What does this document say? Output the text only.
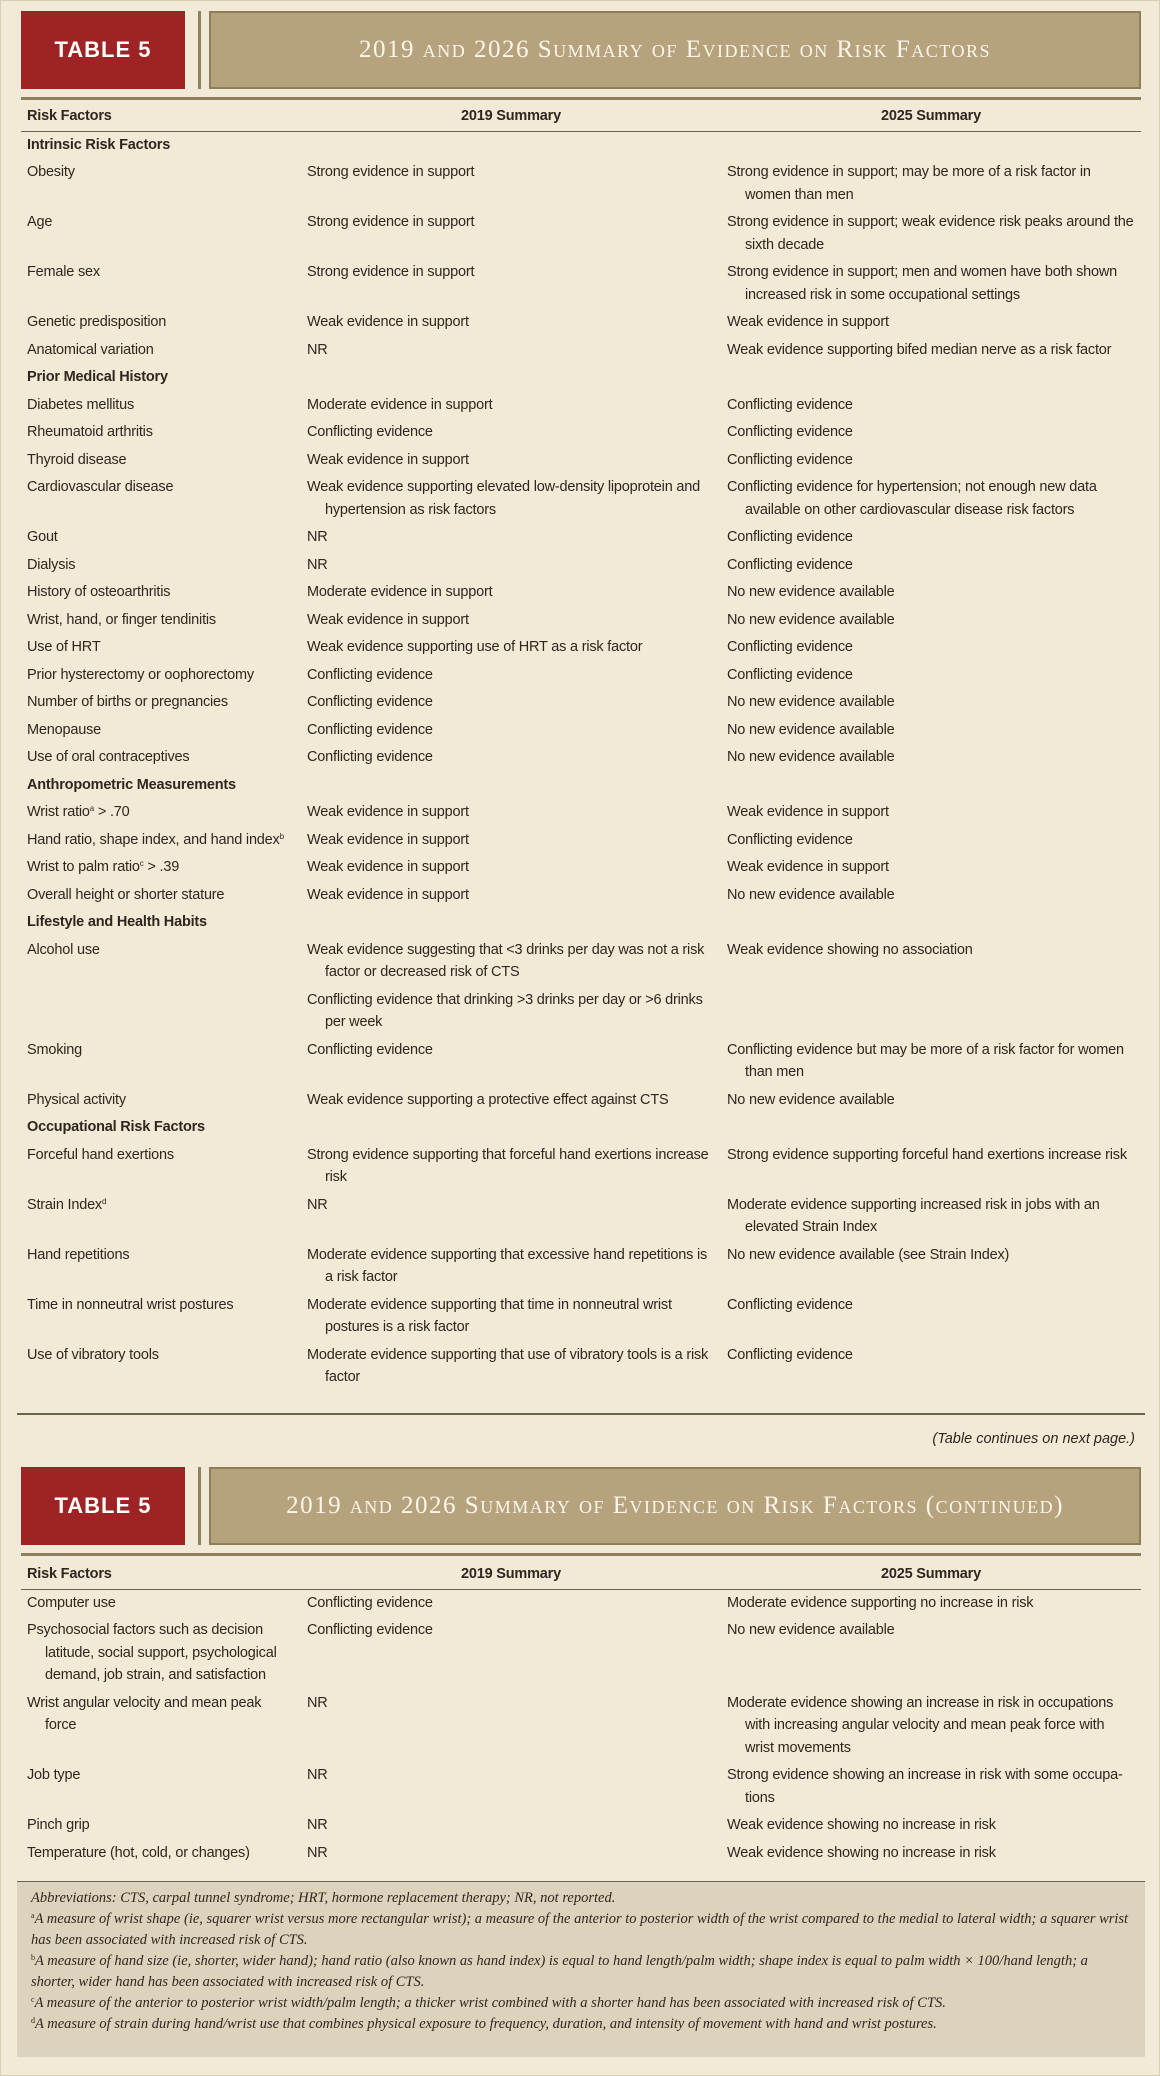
TABLE 5	2019 and 2026 Summary of Evidence on Risk Factors
Risk Factors	2019 Summary	2025 Summary
Intrinsic Risk Factors		

Obesity	Strong evidence in support	Strong evidence in support; may be more of a risk factor in women than men

Age	Strong evidence in support	Strong evidence in support; weak evidence risk peaks around the sixth decade

Female sex	Strong evidence in support	Strong evidence in support; men and women have both shown increased risk in some occupational settings

Genetic predisposition	Weak evidence in support	Weak evidence in support

Anatomical variation	NR	Weak evidence supporting bifed median nerve as a risk factor

Prior Medical History		

Diabetes mellitus	Moderate evidence in support	Conflicting evidence

Rheumatoid arthritis	Conflicting evidence	Conflicting evidence

Thyroid disease	Weak evidence in support	Conflicting evidence

Cardiovascular disease	Weak evidence supporting elevated low-density lipoprotein and hypertension as risk factors	Conflicting evidence for hypertension; not enough new data available on other cardiovascular disease risk factors

Gout	NR	Conflicting evidence

Dialysis	NR	Conflicting evidence

History of osteoarthritis	Moderate evidence in support	No new evidence available

Wrist, hand, or finger tendinitis	Weak evidence in support	No new evidence available

Use of HRT	Weak evidence supporting use of HRT as a risk factor	Conflicting evidence

Prior hysterectomy or oophorectomy	Conflicting evidence	Conflicting evidence

Number of births or pregnancies	Conflicting evidence	No new evidence available

Menopause	Conflicting evidence	No new evidence available

Use of oral contraceptives	Conflicting evidence	No new evidence available

Anthropometric Measurements		

Wrist ratio$^a$ > .70	Weak evidence in support	Weak evidence in support

Hand ratio, shape index, and hand index$^b$	Weak evidence in support	Conflicting evidence

Wrist to palm ratio$^c$ > .39	Weak evidence in support	Weak evidence in support

Overall height or shorter stature	Weak evidence in support	No new evidence available

Lifestyle and Health Habits		

Alcohol use	Weak evidence suggesting that <3 drinks per day was not a risk factor or decreased risk of CTS	Weak evidence showing no association

	Conflicting evidence that drinking >3 drinks per day or >6 drinks per week	

Smoking	Conflicting evidence	Conflicting evidence but may be more of a risk factor for women than men

Physical activity	Weak evidence supporting a protective effect against CTS	No new evidence available

Occupational Risk Factors		

Forceful hand exertions	Strong evidence supporting that forceful hand exertions increase risk	Strong evidence supporting forceful hand exertions increase risk

Strain Index$^d$	NR	Moderate evidence supporting increased risk in jobs with an elevated Strain Index

Hand repetitions	Moderate evidence supporting that excessive hand repetitions is a risk factor	No new evidence available (see Strain Index)

Time in nonneutral wrist postures	Moderate evidence supporting that time in nonneutral wrist postures is a risk factor	Conflicting evidence

Use of vibratory tools	Moderate evidence supporting that use of vibratory tools is a risk factor	Conflicting evidence
(Table continues on next page.)
TABLE 5	2019 and 2026 Summary of Evidence on Risk Factors (continued)
Risk Factors	2019 Summary	2025 Summary

Computer use	Conflicting evidence	Moderate evidence supporting no increase in risk

Psychosocial factors such as decision latitude, social support, psychological demand, job strain, and satisfaction	Conflicting evidence	No new evidence available

Wrist angular velocity and mean peak force	NR	Moderate evidence showing an increase in risk in occupations with increasing angular velocity and mean peak force with wrist movements

Job type	NR	Strong evidence showing an increase in risk with some occupa-tions

Pinch grip	NR	Weak evidence showing no increase in risk

Temperature (hot, cold, or changes)	NR	Weak evidence showing no increase in risk

Abbreviations: CTS, carpal tunnel syndrome; HRT, hormone replacement therapy; NR, not reported.

$^a$A measure of wrist shape (ie, squarer wrist versus more rectangular wrist); a measure of the anterior to posterior width of the wrist compared to the medial to lateral width; a squarer wrist has been associated with increased risk of CTS.

$^b$A measure of hand size (ie, shorter, wider hand); hand ratio (also known as hand index) is equal to hand length/palm width; shape index is equal to palm width × 100/hand length; a shorter, wider hand has been associated with increased risk of CTS.

$^c$A measure of the anterior to posterior wrist width/palm length; a thicker wrist combined with a shorter hand has been associated with increased risk of CTS.

$^d$A measure of strain during hand/wrist use that combines physical exposure to frequency, duration, and intensity of movement with hand and wrist postures.
